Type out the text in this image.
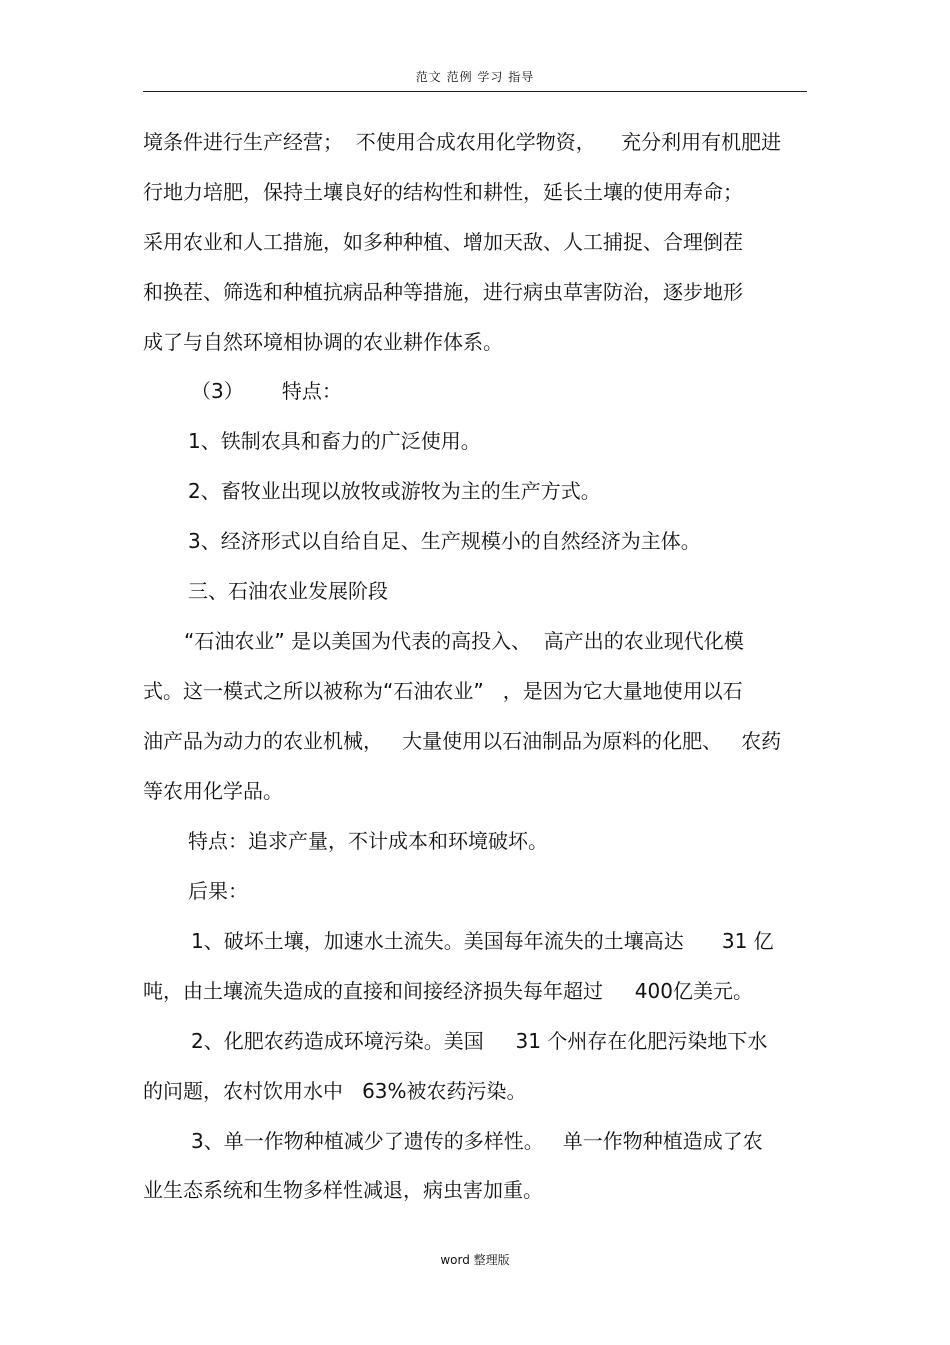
范文 范例 学习 指导
境条件进行生产经营；  不使用合成农用化学物资，    充分利用有机肥进
行地力培肥，保持土壤良好的结构性和耕性，延长土壤的使用寿命；
采用农业和人工措施，如多种种植、增加天敌、人工捕捉、合理倒茬
和换茬、筛选和种植抗病品种等措施，进行病虫草害防治，逐步地形
成了与自然环境相协调的农业耕作体系。
（3）      特点：
1、铁制农具和畜力的广泛使用。
2、畜牧业出现以放牧或游牧为主的生产方式。
3、经济形式以自给自足、生产规模小的自然经济为主体。
三、石油农业发展阶段
“石油农业” 是以美国为代表的高投入、  高产出的农业现代化模
式。这一模式之所以被称为“石油农业”   ，是因为它大量地使用以石
油产品为动力的农业机械，   大量使用以石油制品为原料的化肥、   农药
等农用化学品。
特点：追求产量，不计成本和环境破坏。
后果：
1、破坏土壤，加速水土流失。美国每年流失的土壤高达      31 亿
吨，由土壤流失造成的直接和间接经济损失每年超过     400亿美元。
2、化肥农药造成环境污染。美国     31 个州存在化肥污染地下水
的问题，农村饮用水中   63%被农药污染。
3、单一作物种植减少了遗传的多样性。   单一作物种植造成了农
业生态系统和生物多样性减退，病虫害加重。
word 整理版
